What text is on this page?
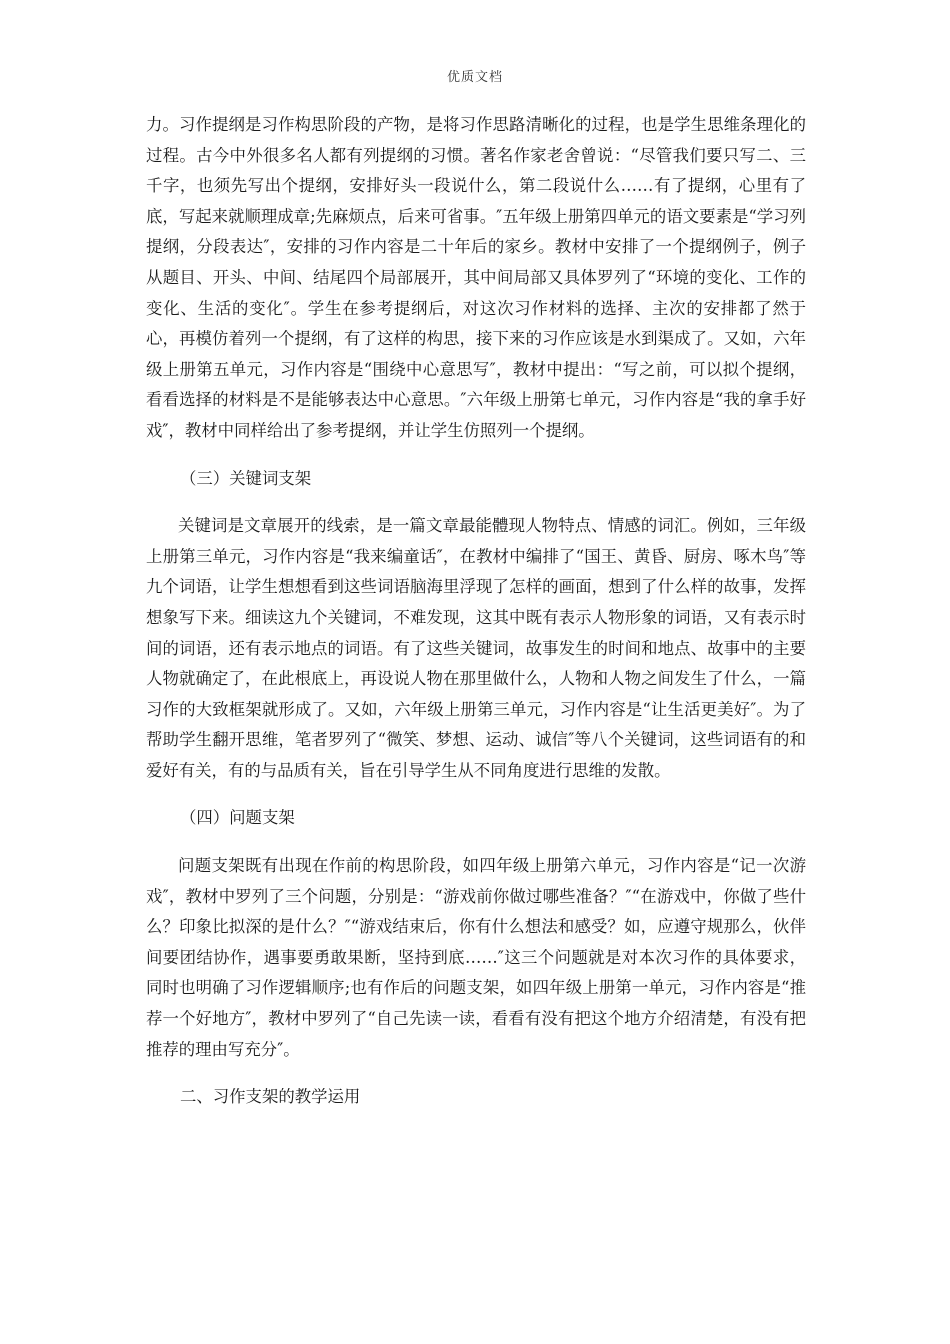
优质文档

力。习作提纲是习作构思阶段的产物，是将习作思路清晰化的过程，也是学生思维条理化的过程。古今中外很多名人都有列提纲的习惯。著名作家老舍曾说：“尽管我们要只写二、三千字，也须先写出个提纲，安排好头一段说什么，第二段说什么……有了提纲，心里有了底，写起来就顺理成章;先麻烦点，后来可省事。″五年级上册第四单元的语文要素是“学习列提纲，分段表达″，安排的习作内容是二十年后的家乡。教材中安排了一个提纲例子，例子从题目、开头、中间、结尾四个局部展开，其中间局部又具体罗列了“环境的变化、工作的变化、生活的变化″。学生在参考提纲后，对这次习作材料的选择、主次的安排都了然于心，再模仿着列一个提纲，有了这样的构思，接下来的习作应该是水到渠成了。又如，六年级上册第五单元，习作内容是“围绕中心意思写″，教材中提出：“写之前，可以拟个提纲，看看选择的材料是不是能够表达中心意思。″六年级上册第七单元，习作内容是“我的拿手好戏″，教材中同样给出了参考提纲，并让学生仿照列一个提纲。

（三）关键词支架

关键词是文章展开的线索，是一篇文章最能體现人物特点、情感的词汇。例如，三年级上册第三单元，习作内容是“我来编童话″，在教材中编排了“国王、黄昏、厨房、啄木鸟″等九个词语，让学生想想看到这些词语脑海里浮现了怎样的画面，想到了什么样的故事，发挥想象写下来。细读这九个关键词，不难发现，这其中既有表示人物形象的词语，又有表示时间的词语，还有表示地点的词语。有了这些关键词，故事发生的时间和地点、故事中的主要人物就确定了，在此根底上，再设说人物在那里做什么，人物和人物之间发生了什么，一篇习作的大致框架就形成了。又如，六年级上册第三单元，习作内容是“让生活更美好″。为了帮助学生翻开思维，笔者罗列了“微笑、梦想、运动、诚信″等八个关键词，这些词语有的和爱好有关，有的与品质有关，旨在引导学生从不同角度进行思维的发散。

（四）问题支架

问题支架既有出现在作前的构思阶段，如四年级上册第六单元，习作内容是“记一次游戏″，教材中罗列了三个问题，分别是：“游戏前你做过哪些准备？″“在游戏中，你做了些什么？印象比拟深的是什么？″“游戏结束后，你有什么想法和感受？如，应遵守规那么，伙伴间要团结协作，遇事要勇敢果断，坚持到底……″这三个问题就是对本次习作的具体要求，同时也明确了习作逻辑顺序;也有作后的问题支架，如四年级上册第一单元，习作内容是“推荐一个好地方″，教材中罗列了“自己先读一读，看看有没有把这个地方介绍清楚，有没有把推荐的理由写充分″。

二、习作支架的教学运用
